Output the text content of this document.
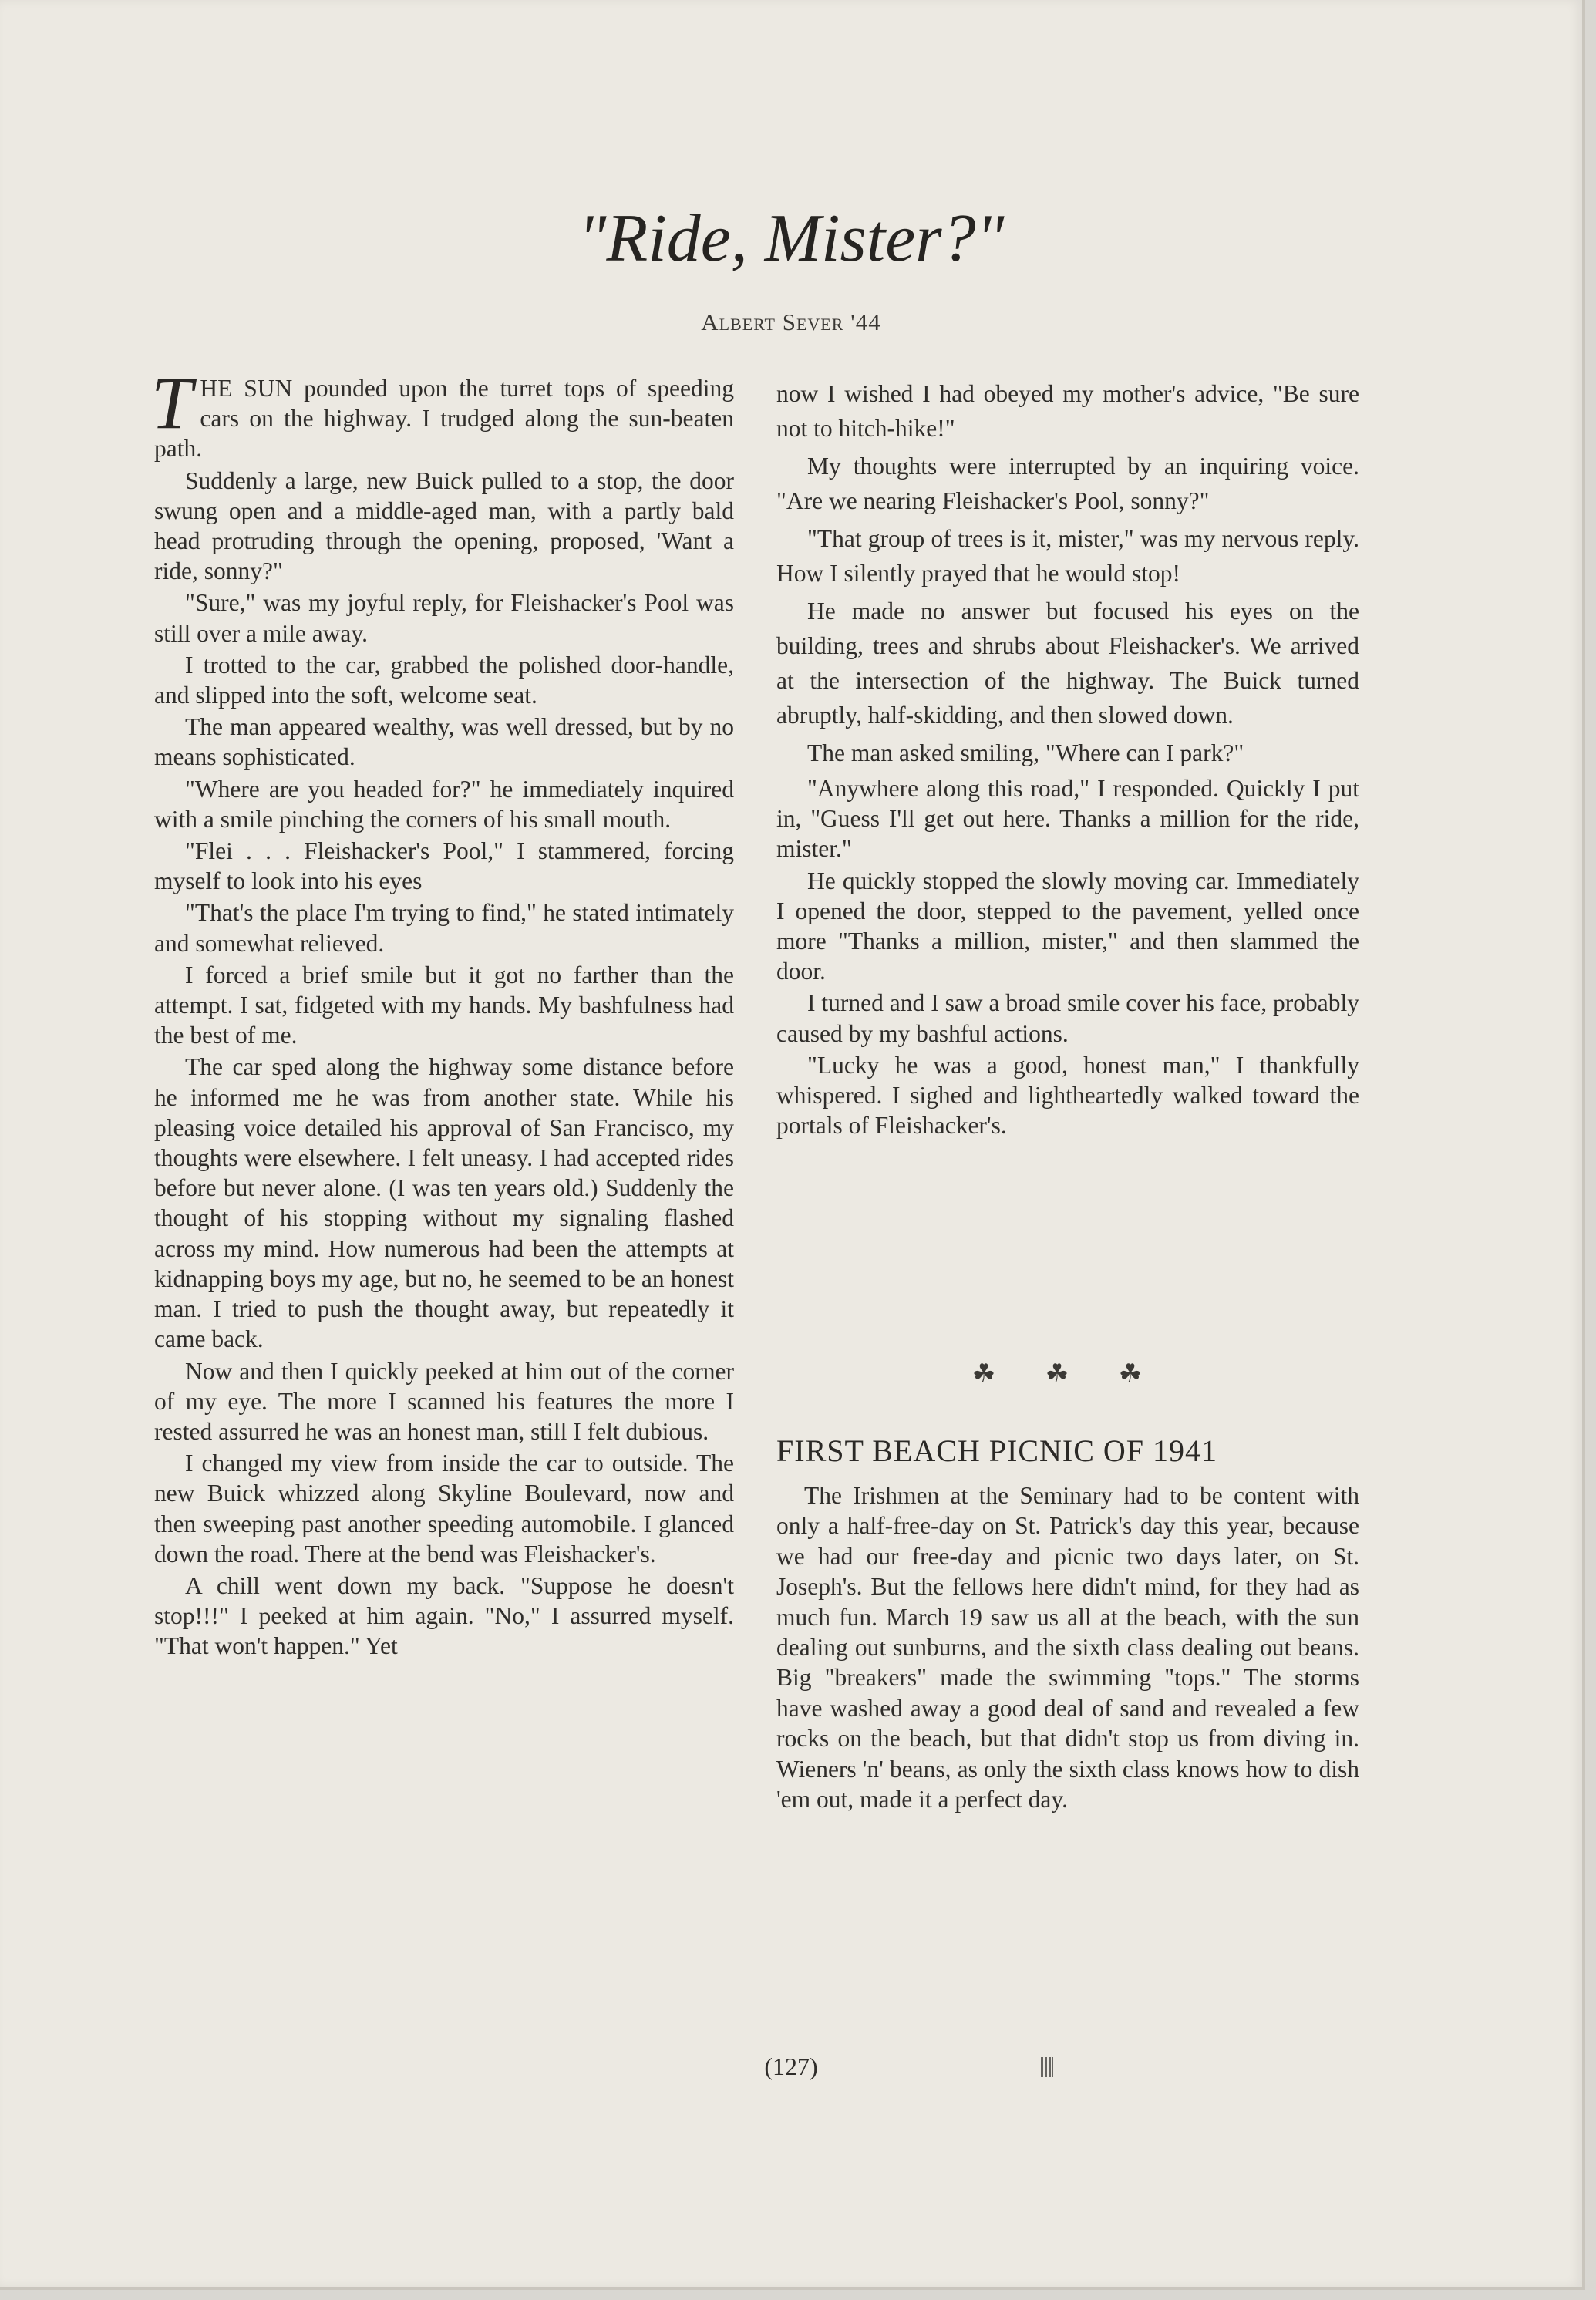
"Ride, Mister?"
Albert Sever '44

THE SUN pounded upon the turret tops of speeding cars on the highway. I trudged along the sun-beaten path.

Suddenly a large, new Buick pulled to a stop, the door swung open and a middle-aged man, with a partly bald head protruding through the opening, proposed, 'Want a ride, sonny?"

"Sure," was my joyful reply, for Fleishacker's Pool was still over a mile away.

I trotted to the car, grabbed the polished door-handle, and slipped into the soft, welcome seat.

The man appeared wealthy, was well dressed, but by no means sophisticated.

"Where are you headed for?" he immediately inquired with a smile pinching the corners of his small mouth.

"Flei . . . Fleishacker's Pool," I stammered, forcing myself to look into his eyes

"That's the place I'm trying to find," he stated intimately and somewhat relieved.

I forced a brief smile but it got no farther than the attempt. I sat, fidgeted with my hands. My bashfulness had the best of me.

The car sped along the highway some distance before he informed me he was from another state. While his pleasing voice detailed his approval of San Francisco, my thoughts were elsewhere. I felt uneasy. I had accepted rides before but never alone. (I was ten years old.) Suddenly the thought of his stopping without my signaling flashed across my mind. How numerous had been the attempts at kidnapping boys my age, but no, he seemed to be an honest man. I tried to push the thought away, but repeatedly it came back.

Now and then I quickly peeked at him out of the corner of my eye. The more I scanned his features the more I rested assurred he was an honest man, still I felt dubious.

I changed my view from inside the car to outside. The new Buick whizzed along Skyline Boulevard, now and then sweeping past another speeding automobile. I glanced down the road. There at the bend was Fleishacker's.

A chill went down my back. "Suppose he doesn't stop!!!" I peeked at him again. "No," I assurred myself. "That won't happen." Yet

now I wished I had obeyed my mother's advice, "Be sure not to hitch-hike!"

My thoughts were interrupted by an inquiring voice. "Are we nearing Fleishacker's Pool, sonny?"

"That group of trees is it, mister," was my nervous reply. How I silently prayed that he would stop!

He made no answer but focused his eyes on the building, trees and shrubs about Fleishacker's. We arrived at the intersection of the highway. The Buick turned abruptly, half-skidding, and then slowed down.

The man asked smiling, "Where can I park?"

"Anywhere along this road," I responded. Quickly I put in, "Guess I'll get out here. Thanks a million for the ride, mister."

He quickly stopped the slowly moving car. Immediately I opened the door, stepped to the pavement, yelled once more "Thanks a million, mister," and then slammed the door.

I turned and I saw a broad smile cover his face, probably caused by my bashful actions.

"Lucky he was a good, honest man," I thankfully whispered. I sighed and lightheartedly walked toward the portals of Fleishacker's.

☘ ☘ ☘
FIRST BEACH PICNIC OF 1941

The Irishmen at the Seminary had to be content with only a half-free-day on St. Patrick's day this year, because we had our free-day and picnic two days later, on St. Joseph's. But the fellows here didn't mind, for they had as much fun. March 19 saw us all at the beach, with the sun dealing out sunburns, and the sixth class dealing out beans. Big "breakers" made the swimming "tops." The storms have washed away a good deal of sand and revealed a few rocks on the beach, but that didn't stop us from diving in. Wieners 'n' beans, as only the sixth class knows how to dish 'em out, made it a perfect day.

(127)
